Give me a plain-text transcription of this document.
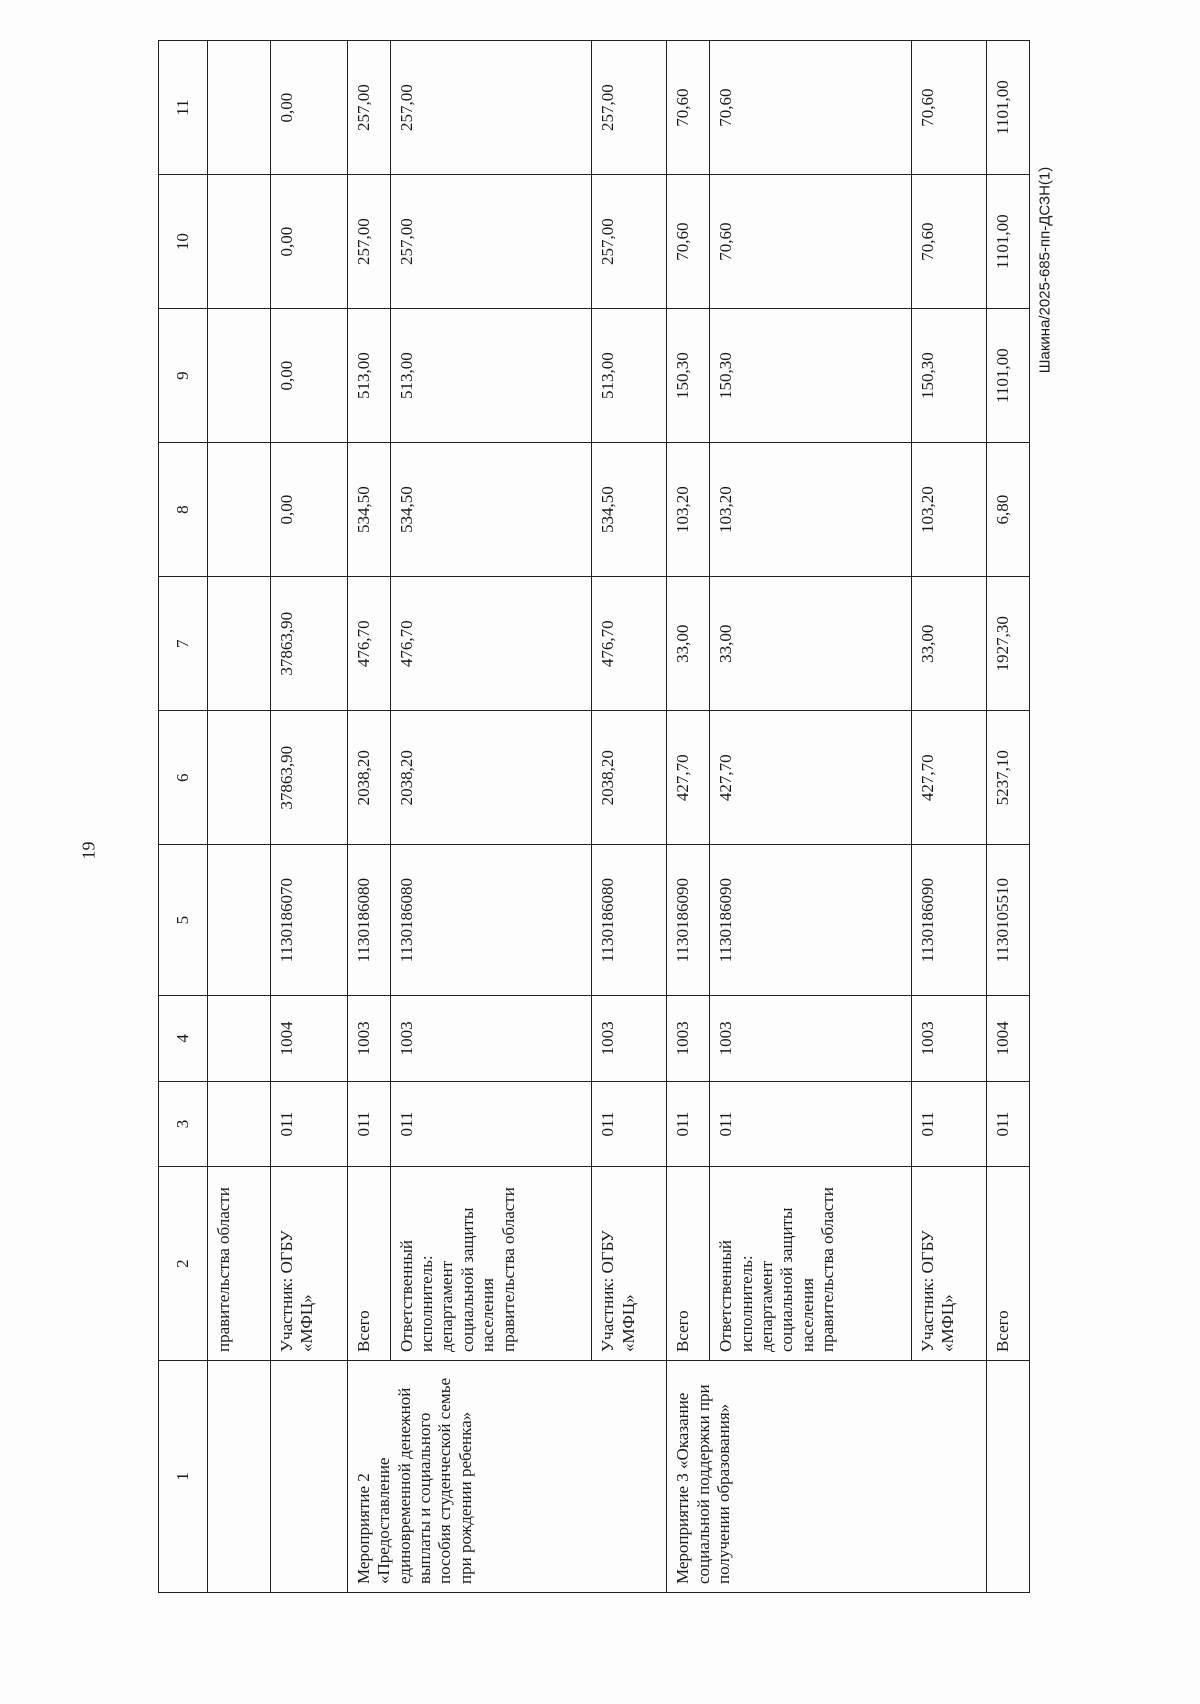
19
Шакина/2025-685-пп-ДСЗН(1)
1	2	3	4	5	6	7	8	9	10	11
	правительства области									
	Участник: ОГБУ «МФЦ»	011	1004	1130186070	37863,90	37863,90	0,00	0,00	0,00	0,00
Мероприятие 2 «Предоставление единовременной денежной выплаты и социального пособия студенческой семье при рождении ребенка»	Всего	011	1003	1130186080	2038,20	476,70	534,50	513,00	257,00	257,00
	Ответственный исполнитель: департамент социальной защиты населения правительства области	011	1003	1130186080	2038,20	476,70	534,50	513,00	257,00	257,00
	Участник: ОГБУ «МФЦ»	011	1003	1130186080	2038,20	476,70	534,50	513,00	257,00	257,00
Мероприятие 3 «Оказание социальной поддержки при получении образования»	Всего	011	1003	1130186090	427,70	33,00	103,20	150,30	70,60	70,60
	Ответственный исполнитель: департамент социальной защиты населения правительства области	011	1003	1130186090	427,70	33,00	103,20	150,30	70,60	70,60
	Участник: ОГБУ «МФЦ»	011	1003	1130186090	427,70	33,00	103,20	150,30	70,60	70,60
	Всего	011	1004	1130105510	5237,10	1927,30	6,80	1101,00	1101,00	1101,00
